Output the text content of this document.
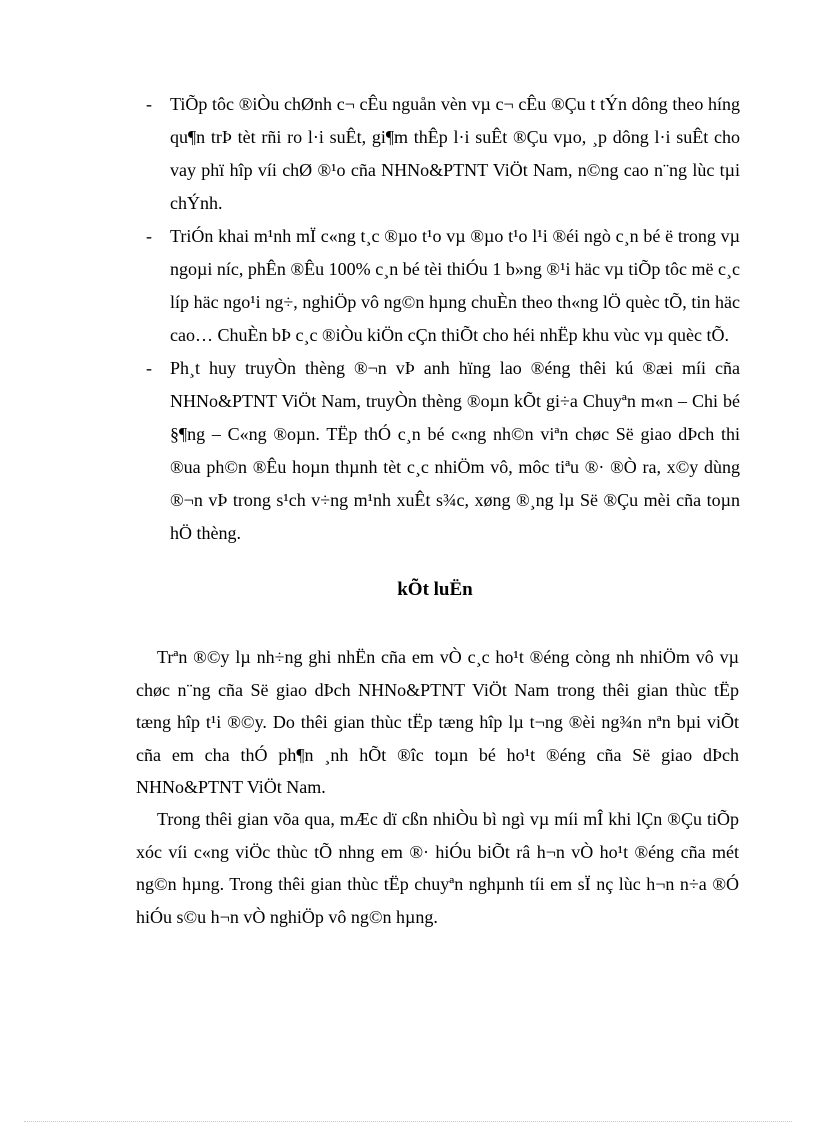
- TiÕp tôc ®iÒu chØnh c¬ cÊu nguån vèn vµ c¬ cÊu ®Çu t tÝn dông theo híng qu¶n trÞ tèt rñi ro l·i suÊt, gi¶m thÊp l·i suÊt ®Çu vµo, ¸p dông l·i suÊt cho vay phï hîp víi chØ ®¹o cña NHNo&PTNT ViÖt Nam, n©ng cao n¨ng lùc tµi chÝnh.
- TriÓn khai m¹nh mÏ c«ng t¸c ®µo t¹o vµ ®µo t¹o l¹i ®éi ngò c¸n bé ë trong vµ ngoµi níc, phÊn ®Êu 100% c¸n bé tèi thiÓu 1 b»ng ®¹i häc vµ tiÕp tôc më c¸c líp häc ngo¹i ng÷, nghiÖp vô ng©n hµng chuÈn theo th«ng lÖ quèc tÕ, tin häc cao… ChuÈn bÞ c¸c ®iÒu kiÖn cÇn thiÕt cho héi nhËp khu vùc vµ quèc tÕ.
- Ph¸t huy truyÒn thèng ®¬n vÞ anh hïng lao ®éng thêi kú ®æi míi cña NHNo&PTNT ViÖt Nam, truyÒn thèng ®oµn kÕt gi÷a Chuyªn m«n – Chi bé §¶ng – C«ng ®oµn. TËp thÓ c¸n bé c«ng nh©n viªn chøc Së giao dÞch thi ®ua ph©n ®Êu hoµn thµnh tèt c¸c nhiÖm vô, môc tiªu ®· ®Ò ra, x©y dùng ®¬n vÞ trong s¹ch v÷ng m¹nh xuÊt s¾c, xøng ®¸ng lµ Së ®Çu mèi cña toµn hÖ thèng.
kÕt luËn
Trªn ®©y lµ nh÷ng ghi nhËn cña em vÒ c¸c ho¹t ®éng còng nh nhiÖm vô vµ chøc n¨ng cña Së giao dÞch NHNo&PTNT ViÖt Nam trong thêi gian thùc tËp tæng hîp t¹i ®©y. Do thêi gian thùc tËp tæng hîp lµ t¬ng ®èi ng¾n nªn bµi viÕt cña em cha thÓ ph¶n ¸nh hÕt ®îc toµn bé ho¹t ®éng cña Së giao dÞch NHNo&PTNT ViÖt Nam.
Trong thêi gian võa qua, mÆc dï cßn nhiÒu bì ngì vµ míi mÎ khi lÇn ®Çu tiÕp xóc víi c«ng viÖc thùc tÕ nhng em ®· hiÓu biÕt râ h¬n vÒ ho¹t ®éng cña mét ng©n hµng. Trong thêi gian thùc tËp chuyªn nghµnh tíi em sÏ nç lùc h¬n n÷a ®Ó hiÓu s©u h¬n vÒ nghiÖp vô ng©n hµng.
